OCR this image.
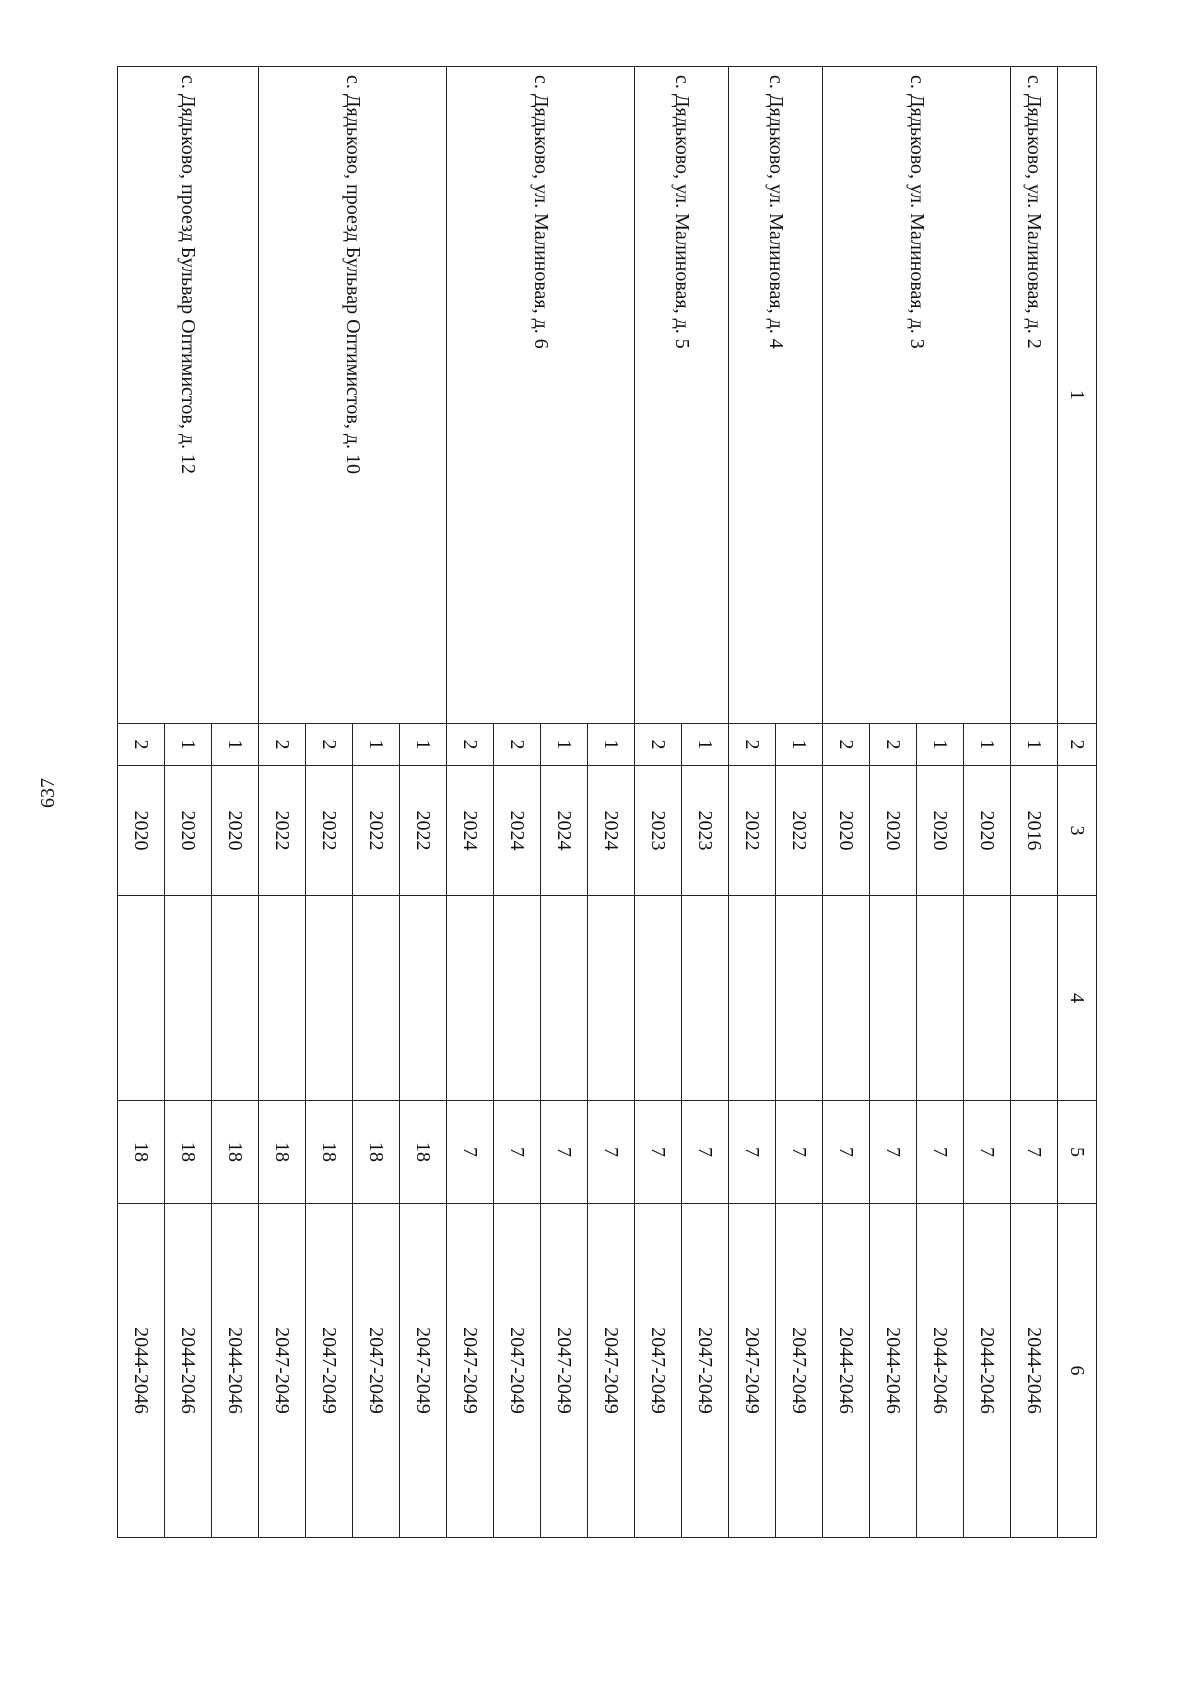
637
1	2	3	4	5	6
с. Дядьково, ул. Малиновая, д. 2	1	2016		7	2044-2046
с. Дядьково, ул. Малиновая, д. 3	1	2020		7	2044-2046
	1	2020		7	2044-2046
	2	2020		7	2044-2046
	2	2020		7	2044-2046
с. Дядьково, ул. Малиновая, д. 4	1	2022		7	2047-2049
	2	2022		7	2047-2049
с. Дядьково, ул. Малиновая, д. 5	1	2023		7	2047-2049
	2	2023		7	2047-2049
с. Дядьково, ул. Малиновая, д. 6	1	2024		7	2047-2049
	1	2024		7	2047-2049
	2	2024		7	2047-2049
	2	2024		7	2047-2049
с. Дядьково, проезд Бульвар Оптимистов, д. 10	1	2022		18	2047-2049
	1	2022		18	2047-2049
	2	2022		18	2047-2049
	2	2022		18	2047-2049
с. Дядьково, проезд Бульвар Оптимистов, д. 12	1	2020		18	2044-2046
	1	2020		18	2044-2046
	2	2020		18	2044-2046
